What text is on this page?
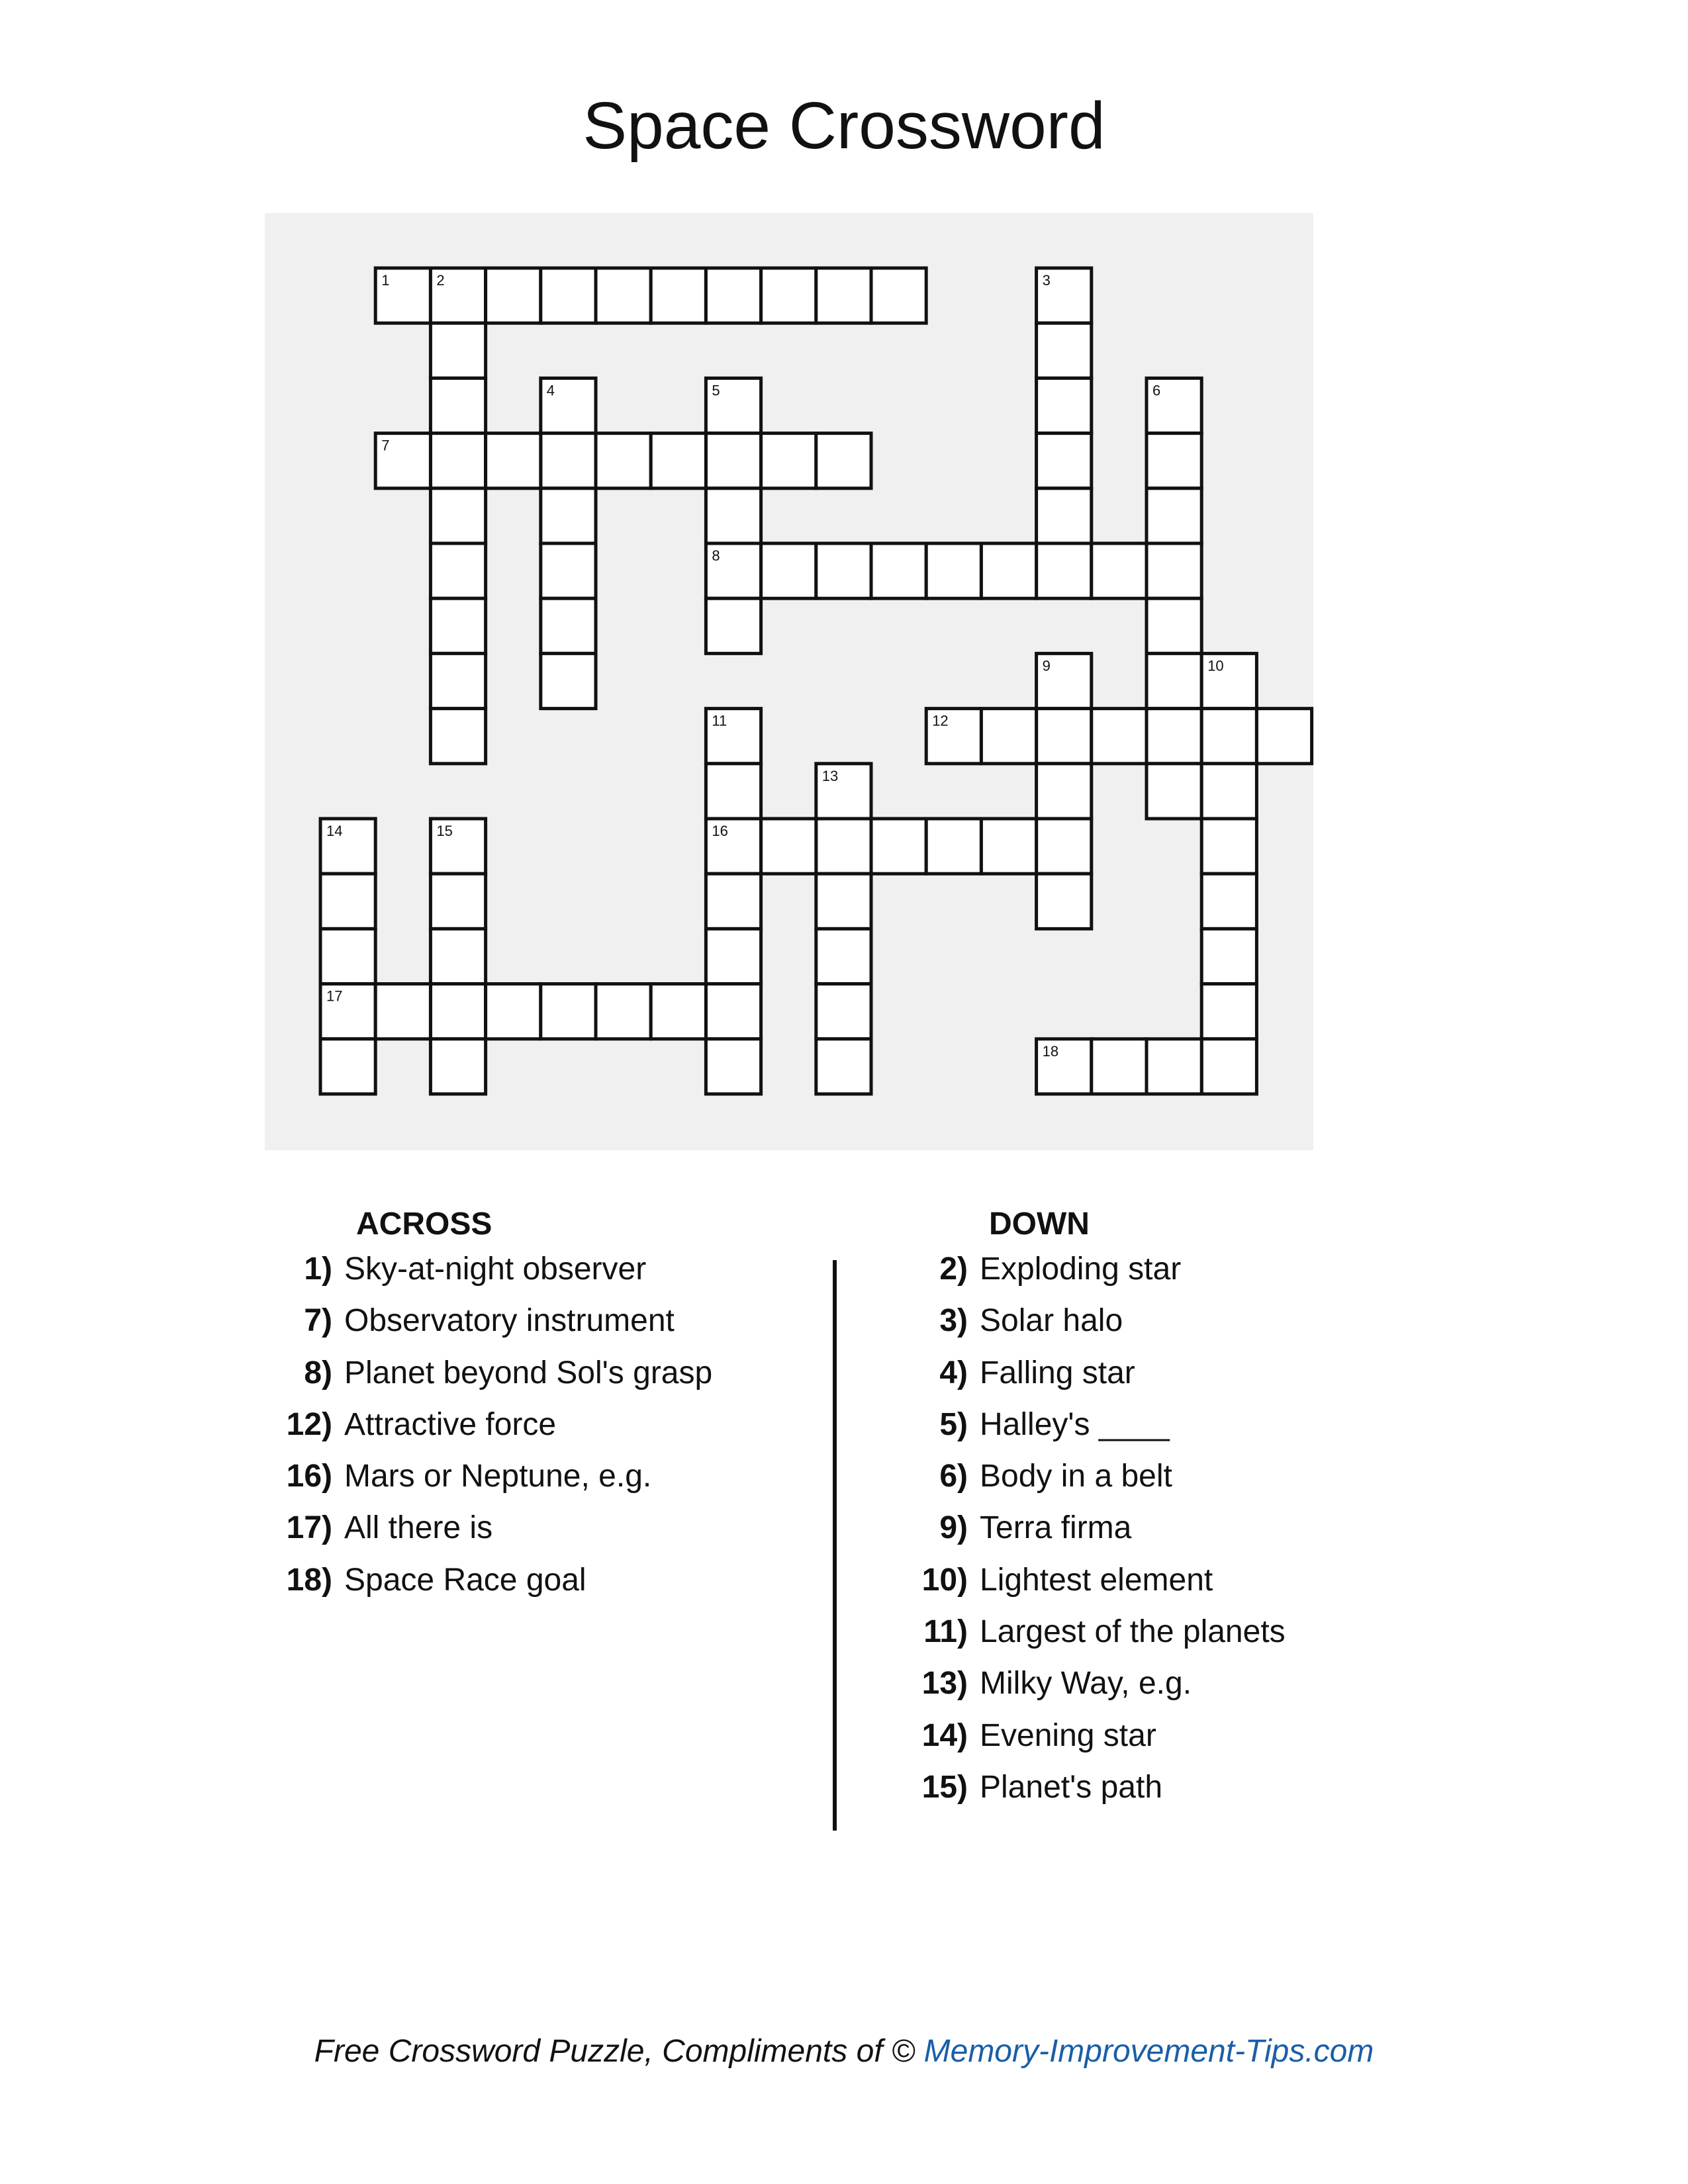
Space Crossword
1	2	3
4	5	6
7
8
9	10
11	12
13
14	15	16
17
18
ACROSS
1) Sky-at-night observer
7) Observatory instrument
8) Planet beyond Sol's grasp
12) Attractive force
16) Mars or Neptune, e.g.
17) All there is
18) Space Race goal
DOWN
2) Exploding star
3) Solar halo
4) Falling star
5) Halley's ____
6) Body in a belt
9) Terra firma
10) Lightest element
11) Largest of the planets
13) Milky Way, e.g.
14) Evening star
15) Planet's path
Free Crossword Puzzle, Compliments of © Memory-Improvement-Tips.com
